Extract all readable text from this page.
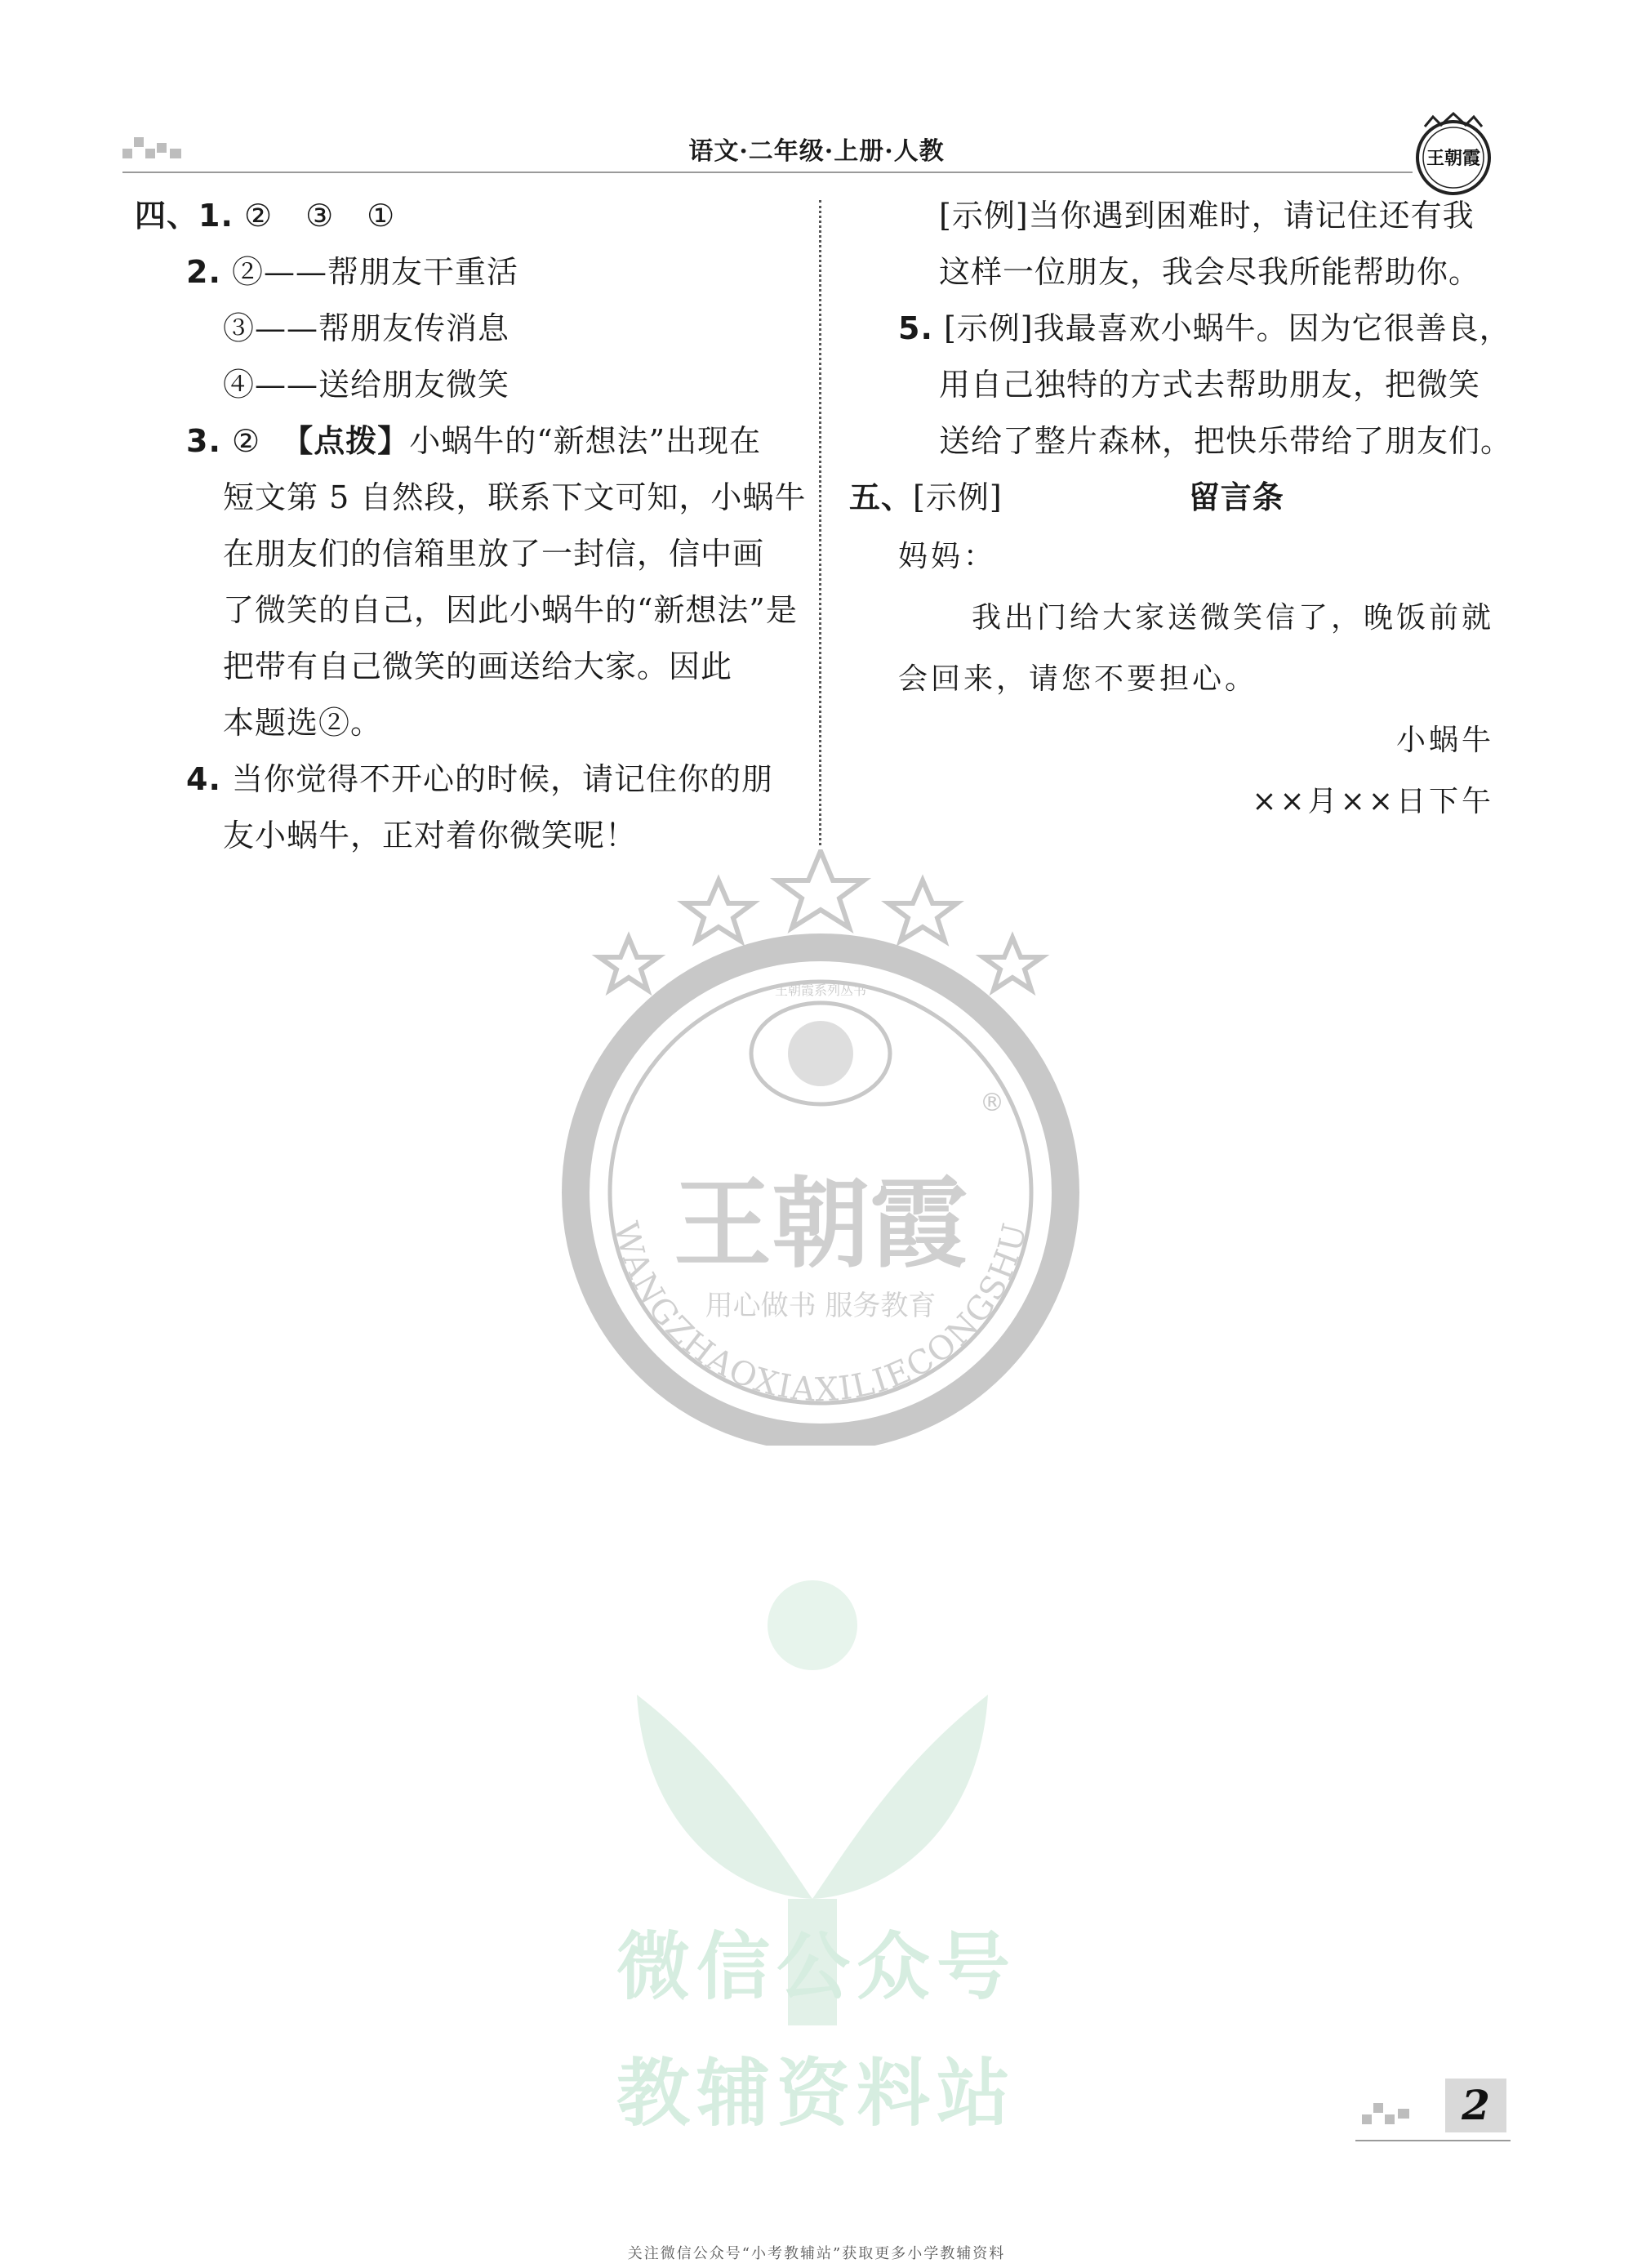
语文·二年级·上册·人教	王朝霞
四、1. ② ③ ①
2. ②——帮朋友干重活
③——帮朋友传消息
④——送给朋友微笑
3. ② 【点拨】小蜗牛的“新想法”出现在
短文第 5 自然段，联系下文可知，小蜗牛
在朋友们的信箱里放了一封信，信中画
了微笑的自己，因此小蜗牛的“新想法”是
把带有自己微笑的画送给大家。因此
本题选②。
4. 当你觉得不开心的时候，请记住你的朋
友小蜗牛，正对着你微笑呢！
[示例]当你遇到困难时，请记住还有我
这样一位朋友，我会尽我所能帮助你。
5. [示例]我最喜欢小蜗牛。因为它很善良，
用自己独特的方式去帮助朋友，把微笑
送给了整片森林，把快乐带给了朋友们。
五、[示例]	留言条
妈妈：
我出门给大家送微笑信了，晚饭前就
会回来，请您不要担心。
小蜗牛
××月××日下午
王朝霞系列丛书
王朝霞
®
用心做书 服务教育
WANGZHAOXIAXILIECONGSHU
微信公众号
教辅资料站	2
关注微信公众号“小考教辅站”获取更多小学教辅资料
